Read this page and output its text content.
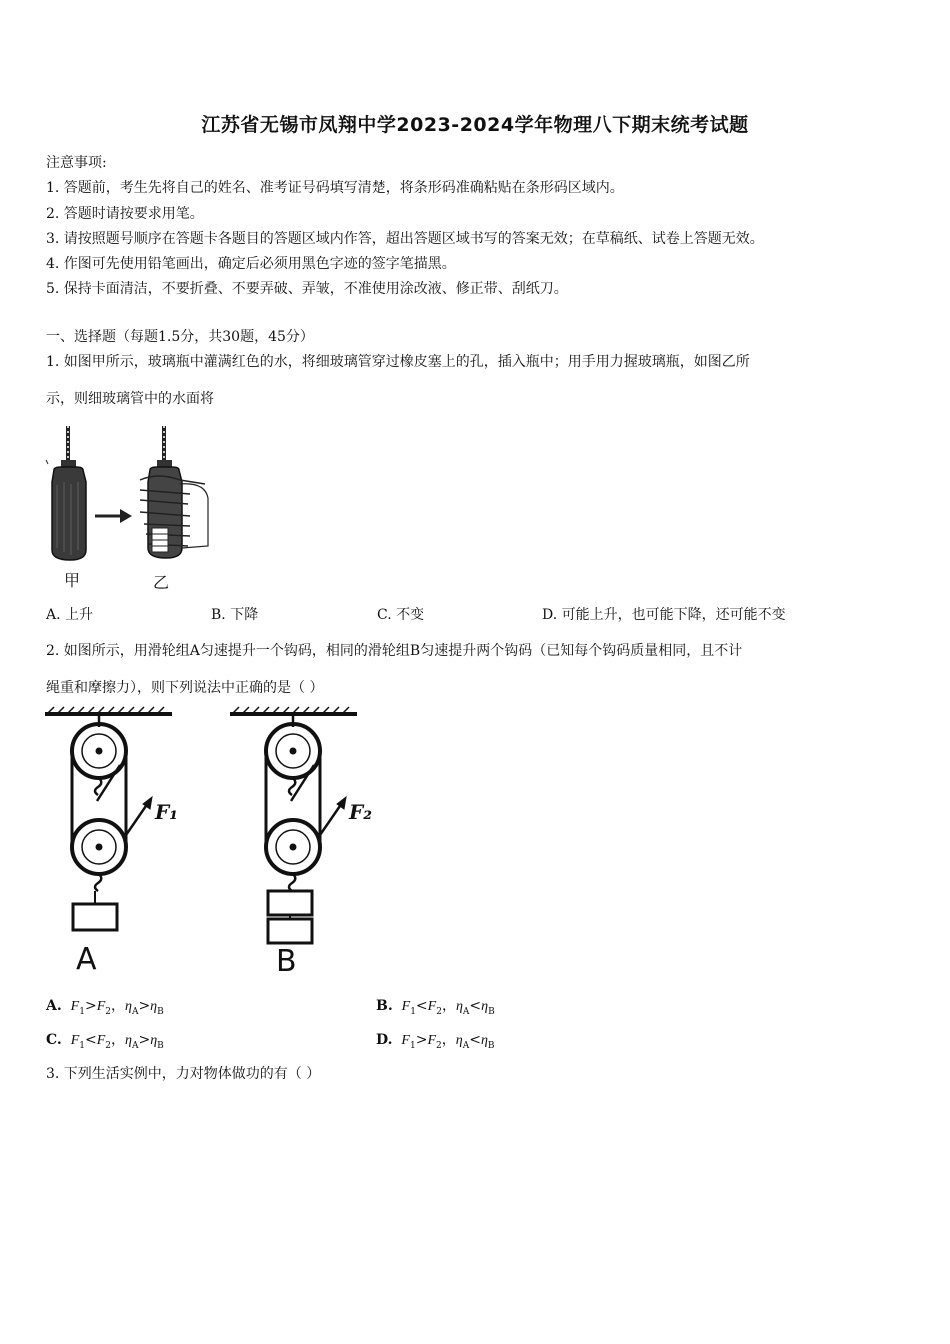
江苏省无锡市凤翔中学2023-2024学年物理八下期末统考试题
注意事项:
1. 答题前，考生先将自己的姓名、准考证号码填写清楚，将条形码准确粘贴在条形码区域内。
2. 答题时请按要求用笔。
3. 请按照题号顺序在答题卡各题目的答题区域内作答，超出答题区域书写的答案无效；在草稿纸、试卷上答题无效。
4. 作图可先使用铅笔画出，确定后必须用黑色字迹的签字笔描黑。
5. 保持卡面清洁，不要折叠、不要弄破、弄皱，不准使用涂改液、修正带、刮纸刀。
一、选择题（每题1.5分，共30题，45分）
1. 如图甲所示，玻璃瓶中灌满红色的水，将细玻璃管穿过橡皮塞上的孔，插入瓶中；用手用力握玻璃瓶，如图乙所
示，则细玻璃管中的水面将
甲	乙
A. 上升	B. 下降	C. 不变	D. 可能上升，也可能下降，还可能不变
2. 如图所示，用滑轮组A匀速提升一个钩码，相同的滑轮组B匀速提升两个钩码（已知每个钩码质量相同，且不计
绳重和摩擦力），则下列说法中正确的是（ ）
F₁	F₂
A	B
A. $F_1>F_2$，$\eta_A>\eta_B$	B. $F_1<F_2$，$\eta_A<\eta_B$
C. $F_1<F_2$，$\eta_A>\eta_B$	D. $F_1>F_2$，$\eta_A<\eta_B$
3. 下列生活实例中，力对物体做功的有（ ）
